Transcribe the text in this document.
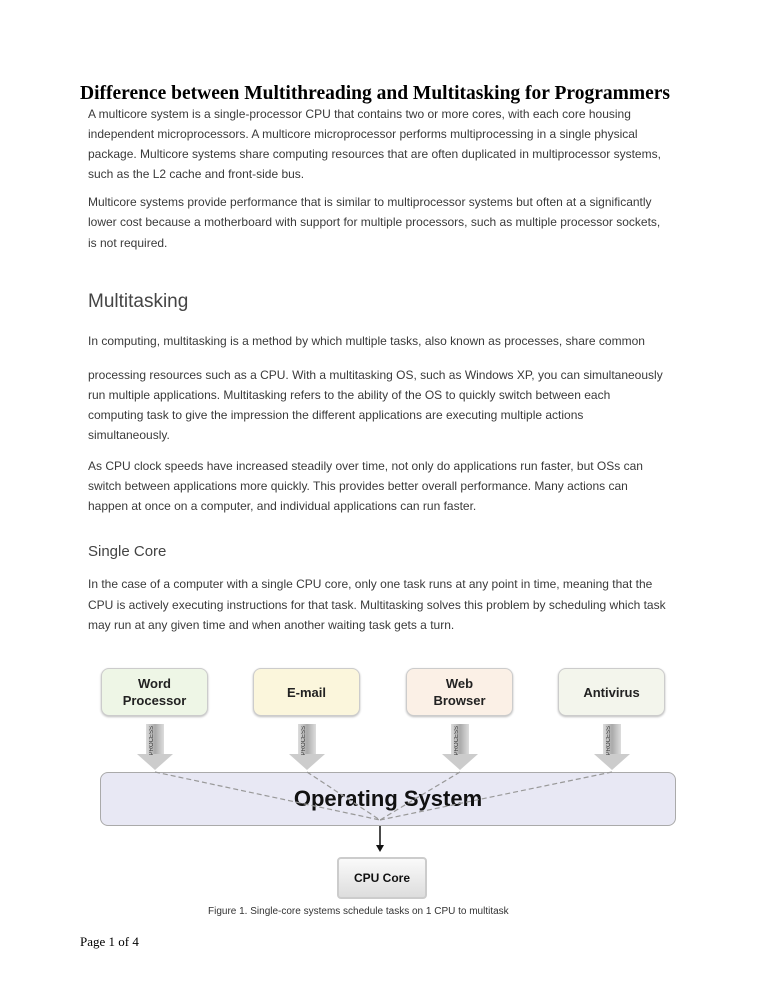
Difference between Multithreading and Multitasking for Programmers
A multicore system is a single-processor CPU that contains two or more cores, with each core housing
independent microprocessors. A multicore microprocessor performs multiprocessing in a single physical
package. Multicore systems share computing resources that are often duplicated in multiprocessor systems,
such as the L2 cache and front-side bus.
Multicore systems provide performance that is similar to multiprocessor systems but often at a significantly
lower cost because a motherboard with support for multiple processors, such as multiple processor sockets,
is not required.
Multitasking
In computing, multitasking is a method by which multiple tasks, also known as processes, share common
processing resources such as a CPU. With a multitasking OS, such as Windows XP, you can simultaneously
run multiple applications. Multitasking refers to the ability of the OS to quickly switch between each
computing task to give the impression the different applications are executing multiple actions
simultaneously.
As CPU clock speeds have increased steadily over time, not only do applications run faster, but OSs can
switch between applications more quickly. This provides better overall performance. Many actions can
happen at once on a computer, and individual applications can run faster.
Single Core
In the case of a computer with a single CPU core, only one task runs at any point in time, meaning that the
CPU is actively executing instructions for that task. Multitasking solves this problem by scheduling which task
may run at any given time and when another waiting task gets a turn.
Word
Processor
E-mail
Web
Browser
Antivirus
PROCESS	PROCESS	PROCESS	PROCESS
Operating System
CPU Core
Figure 1. Single-core systems schedule tasks on 1 CPU to multitask
Page 1 of 4
